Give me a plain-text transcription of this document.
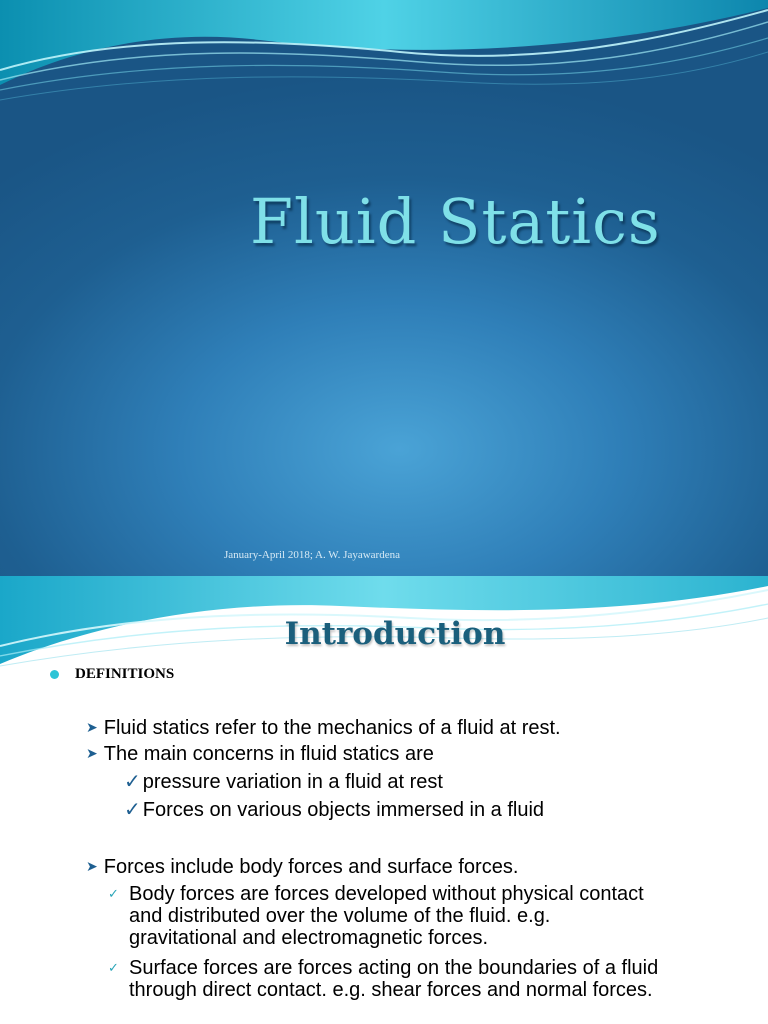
Fluid Statics
January-April 2018; A. W. Jayawardena
Introduction
DEFINITIONS
➤ Fluid statics refer to the mechanics of a fluid at rest.
➤ The main concerns in fluid statics are
✓ pressure variation in a fluid at rest
✓ Forces on various objects immersed in a fluid
➤ Forces include body forces and surface forces.
✓ Body forces are forces developed without physical contact
and distributed over the volume of the fluid. e.g.
gravitational and electromagnetic forces.
✓ Surface forces are forces acting on the boundaries of a fluid
through direct contact. e.g. shear forces and normal forces.
